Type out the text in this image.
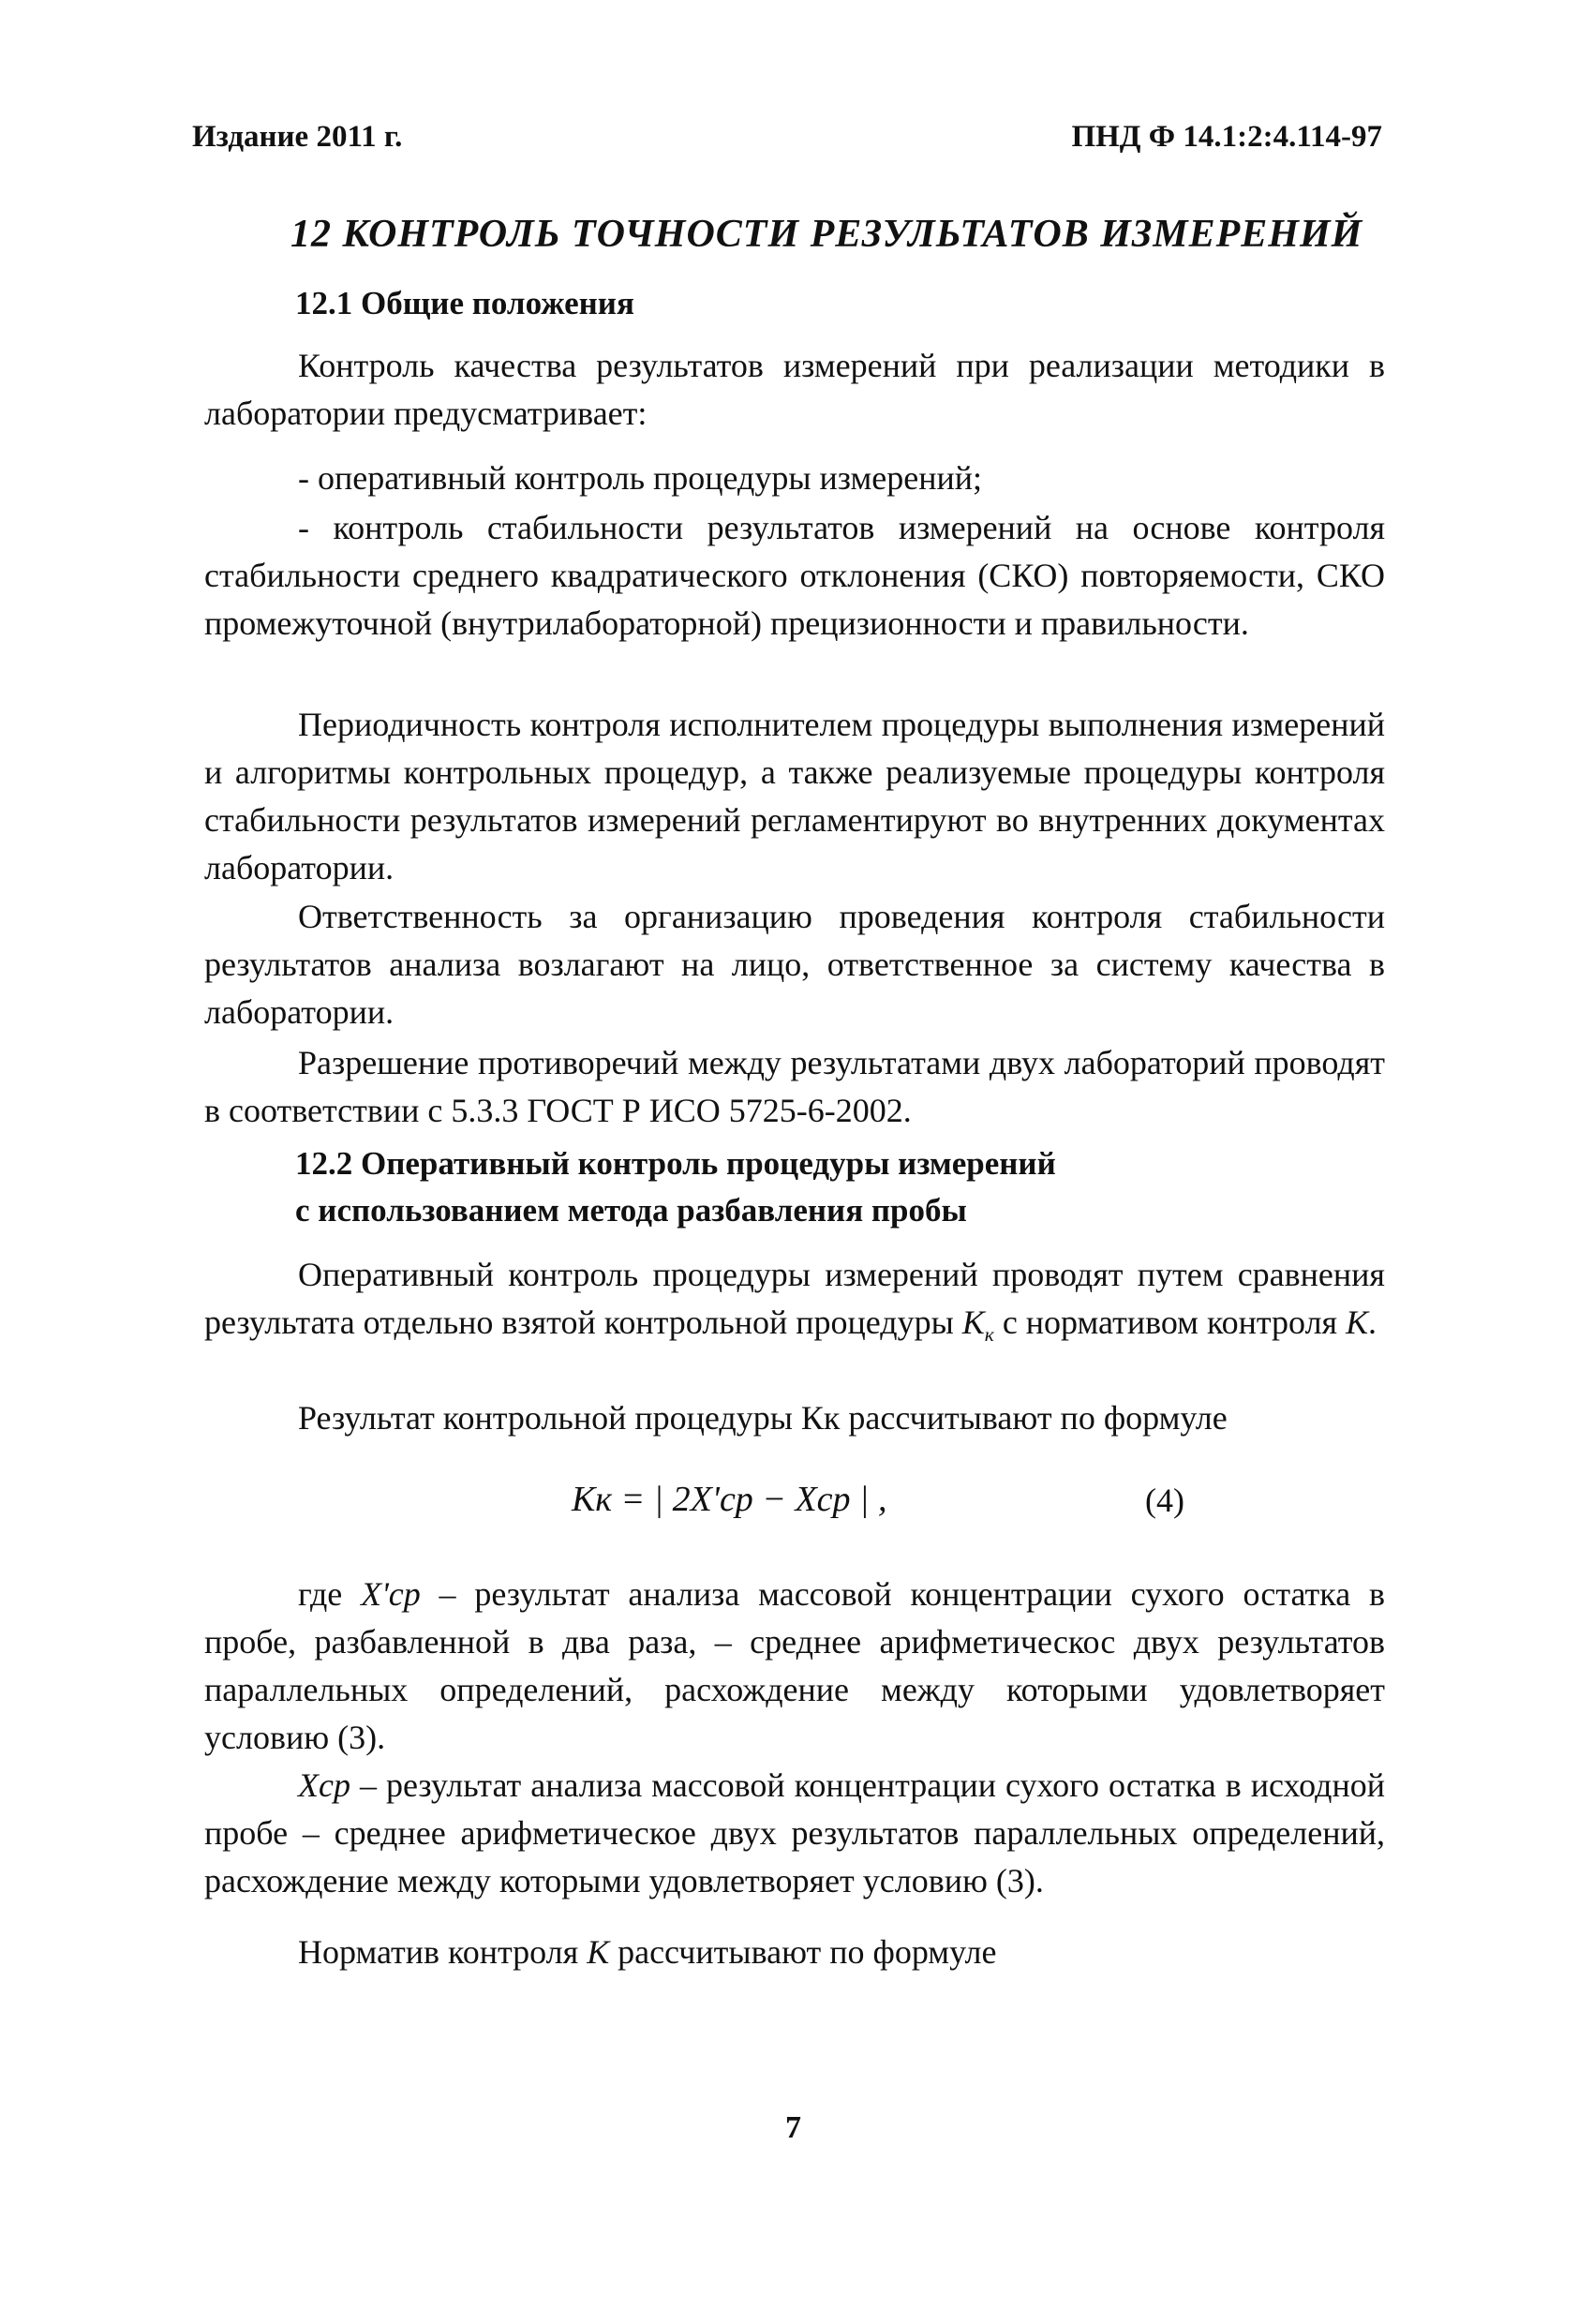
Издание 2011 г.	ПНД Ф 14.1:2:4.114-97
12 КОНТРОЛЬ ТОЧНОСТИ РЕЗУЛЬТАТОВ ИЗМЕРЕНИЙ
12.1 Общие положения

Контроль качества результатов измерений при реализации методики в лаборатории предусматривает:

- оперативный контроль процедуры измерений;

- контроль стабильности результатов измерений на основе контроля стабильности среднего квадратического отклонения (СКО) повторяемости, СКО промежуточной (внутрилабораторной) прецизионности и правильности.

Периодичность контроля исполнителем процедуры выполнения измерений и алгоритмы контрольных процедур, а также реализуемые процедуры контроля стабильности результатов измерений регламентируют во внутренних документах лаборатории.

Ответственность за организацию проведения контроля стабильности результатов анализа возлагают на лицо, ответственное за систему качества в лаборатории.

Разрешение противоречий между результатами двух лабораторий проводят в соответствии с 5.3.3 ГОСТ Р ИСО 5725-6-2002.

12.2 Оперативный контроль процедуры измерений
с использованием метода разбавления пробы

Оперативный контроль процедуры измерений проводят путем сравнения результата отдельно взятой контрольной процедуры $К_к$ с нормативом контроля К.

Результат контрольной процедуры Кк рассчитывают по формуле

Кк = | 2X'ср − Xср | ,	(4)

где X'ср – результат анализа массовой концентрации сухого остатка в пробе, разбавленной в два раза, – среднее арифметическос двух результатов параллельных определений, расхождение между которыми удовлетворяет условию (3).

Xср – результат анализа массовой концентрации сухого остатка в исходной пробе – среднее арифметическое двух результатов параллельных определений, расхождение между которыми удовлетворяет условию (3).

Норматив контроля К рассчитывают по формуле

7
